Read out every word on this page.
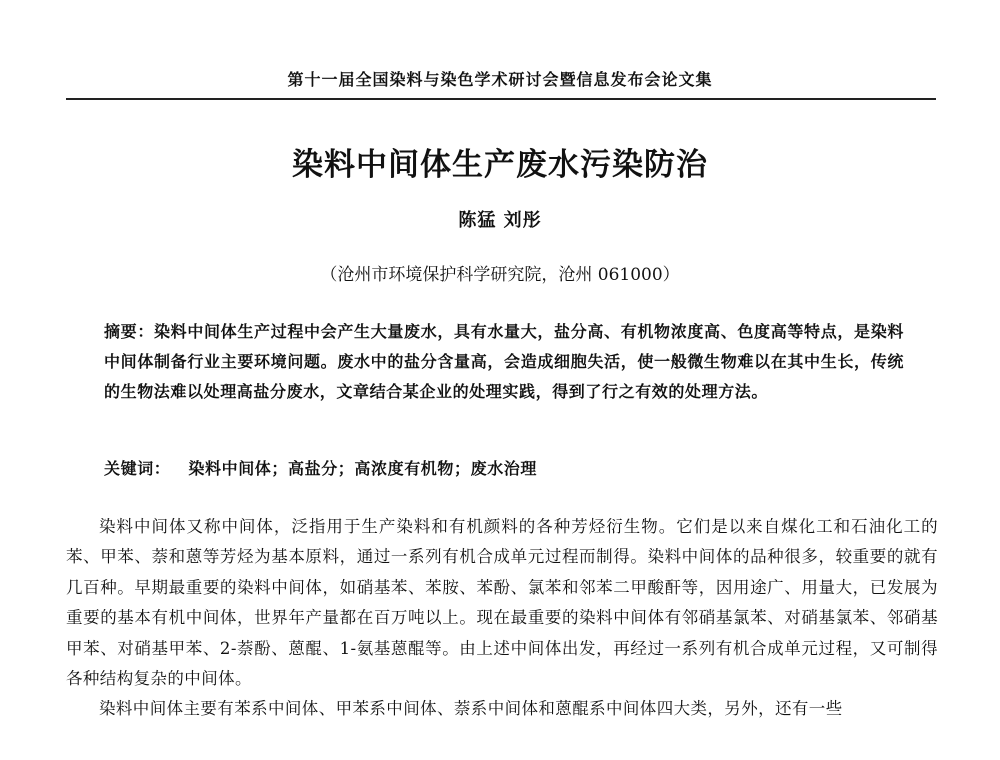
第十一届全国染料与染色学术研讨会暨信息发布会论文集
染料中间体生产废水污染防治
陈猛 刘彤
（沧州市环境保护科学研究院，沧州 061000）
摘要：染料中间体生产过程中会产生大量废水，具有水量大，盐分高、有机物浓度高、色度高等特点，是染料中间体制备行业主要环境问题。废水中的盐分含量高，会造成细胞失活，使一般微生物难以在其中生长，传统的生物法难以处理高盐分废水，文章结合某企业的处理实践，得到了行之有效的处理方法。
关键词： 染料中间体；高盐分；高浓度有机物；废水治理

染料中间体又称中间体，泛指用于生产染料和有机颜料的各种芳烃衍生物。它们是以来自煤化工和石油化工的苯、甲苯、萘和蒽等芳烃为基本原料，通过一系列有机合成单元过程而制得。染料中间体的品种很多，较重要的就有几百种。早期最重要的染料中间体，如硝基苯、苯胺、苯酚、氯苯和邻苯二甲酸酐等，因用途广、用量大，已发展为重要的基本有机中间体，世界年产量都在百万吨以上。现在最重要的染料中间体有邻硝基氯苯、对硝基氯苯、邻硝基甲苯、对硝基甲苯、2-萘酚、蒽醌、1-氨基蒽醌等。由上述中间体出发，再经过一系列有机合成单元过程，又可制得各种结构复杂的中间体。

染料中间体主要有苯系中间体、甲苯系中间体、萘系中间体和蒽醌系中间体四大类，另外，还有一些
